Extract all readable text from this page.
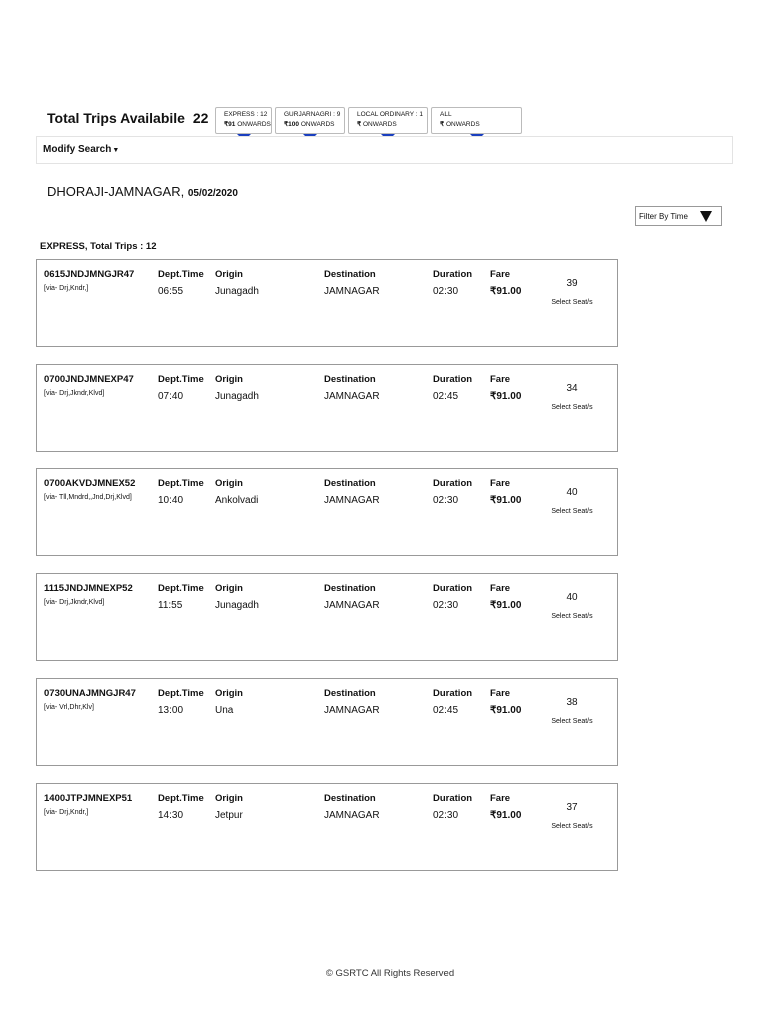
Total Trips Availabile 22 EXPRESS : 12
₹91 ONWARDS
GURJARNAGRI : 9
₹100 ONWARDS
LOCAL ORDINARY : 1
₹ ONWARDS
ALL
₹ ONWARDS
Modify Search▼
DHORAJI-JAMNAGAR, 05/02/2020
Filter By Time
EXPRESS, Total Trips : 12
0615JNDJMNGJR47
[via- Drj,Kndr,]
Dept.Time
06:55
Origin
Junagadh
Destination
JAMNAGAR
Duration
02:30
Fare
₹91.00
39
Select Seat/s
0700JNDJMNEXP47
[via- Drj,Jkndr,Klvd]
Dept.Time
07:40
Origin
Junagadh
Destination
JAMNAGAR
Duration
02:45
Fare
₹91.00
34
Select Seat/s
0700AKVDJMNEX52
[via- Tll,Mndrd,,Jnd,Drj,Klvd]
Dept.Time
10:40
Origin
Ankolvadi
Destination
JAMNAGAR
Duration
02:30
Fare
₹91.00
40
Select Seat/s
1115JNDJMNEXP52
[via- Drj,Jkndr,Klvd]
Dept.Time
11:55
Origin
Junagadh
Destination
JAMNAGAR
Duration
02:30
Fare
₹91.00
40
Select Seat/s
0730UNAJMNGJR47
[via- Vrl,Dhr,Klv]
Dept.Time
13:00
Origin
Una
Destination
JAMNAGAR
Duration
02:45
Fare
₹91.00
38
Select Seat/s
1400JTPJMNEXP51
[via- Drj,Kndr,]
Dept.Time
14:30
Origin
Jetpur
Destination
JAMNAGAR
Duration
02:30
Fare
₹91.00
37
Select Seat/s
© GSRTC All Rights Reserved
